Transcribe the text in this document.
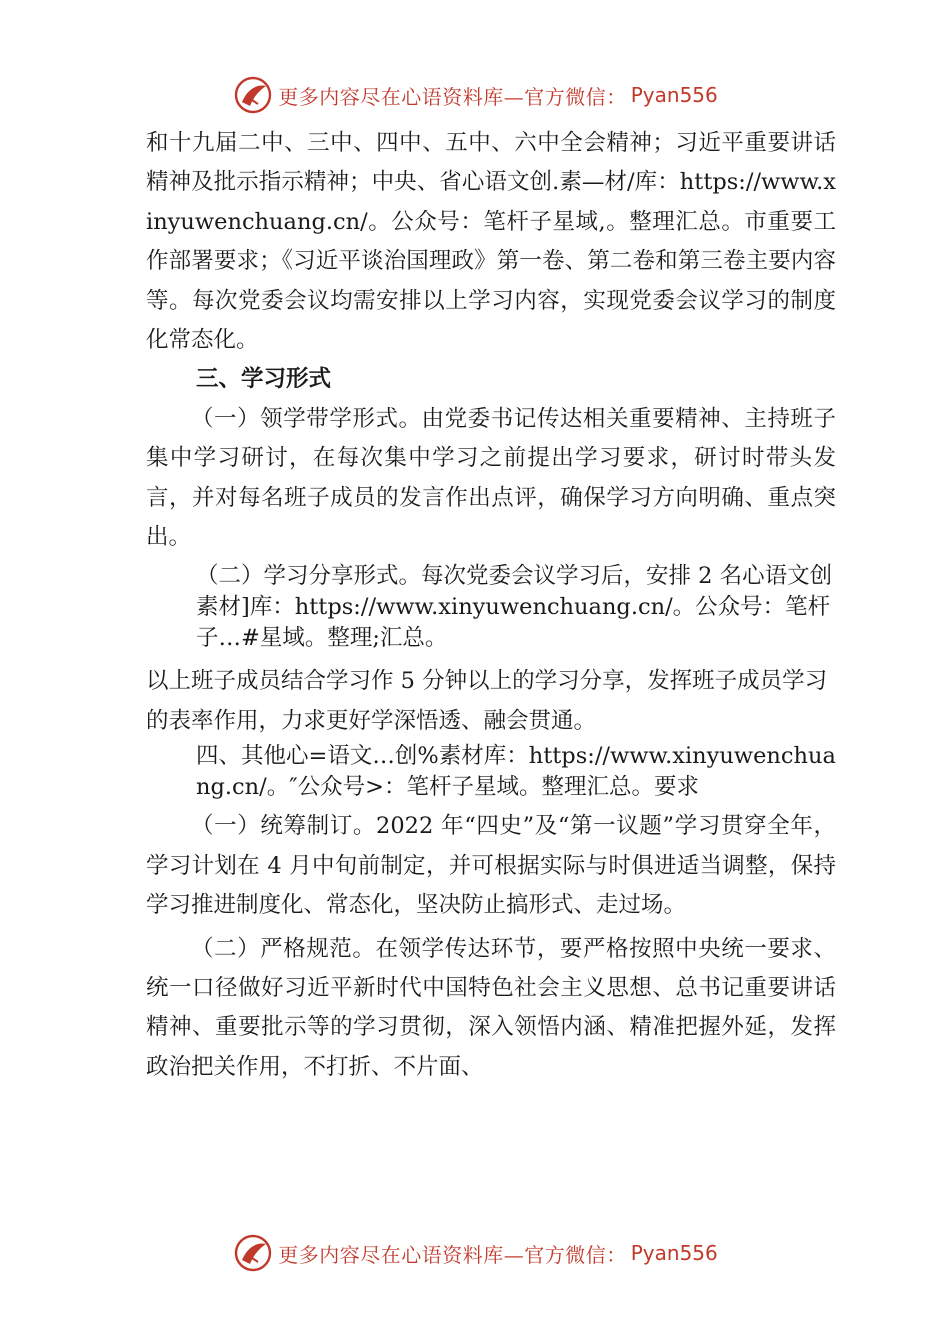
更多内容尽在心语资料库—官方微信： Pyan556

和十九届二中、三中、四中、五中、六中全会精神；习近平重要讲话精神及批示指示精神；中央、省心语文创.素—材/库：https://www.xinyuwenchuang.cn/。公众号：笔杆子星域,。整理汇总。市重要工作部署要求；《习近平谈治国理政》第一卷、第二卷和第三卷主要内容等。每次党委会议均需安排以上学习内容，实现党委会议学习的制度化常态化。

三、学习形式

（一）领学带学形式。由党委书记传达相关重要精神、主持班子集中学习研讨，在每次集中学习之前提出学习要求，研讨时带头发言，并对每名班子成员的发言作出点评，确保学习方向明确、重点突出。

（二）学习分享形式。每次党委会议学习后，安排 2 名心语文创素材]库：https://www.xinyuwenchuang.cn/。公众号：笔杆子…#星域。整理;汇总。

以上班子成员结合学习作 5 分钟以上的学习分享，发挥班子成员学习的表率作用，力求更好学深悟透、融会贯通。

四、其他心=语文…创%素材库：https://www.xinyuwenchuang.cn/。″公众号>：笔杆子星域。整理汇总。要求

（一）统筹制订。2022 年“四史”及“第一议题”学习贯穿全年，学习计划在 4 月中旬前制定，并可根据实际与时俱进适当调整，保持学习推进制度化、常态化，坚决防止搞形式、走过场。

（二）严格规范。在领学传达环节，要严格按照中央统一要求、统一口径做好习近平新时代中国特色社会主义思想、总书记重要讲话精神、重要批示等的学习贯彻，深入领悟内涵、精准把握外延，发挥政治把关作用，不打折、不片面、

更多内容尽在心语资料库—官方微信： Pyan556
